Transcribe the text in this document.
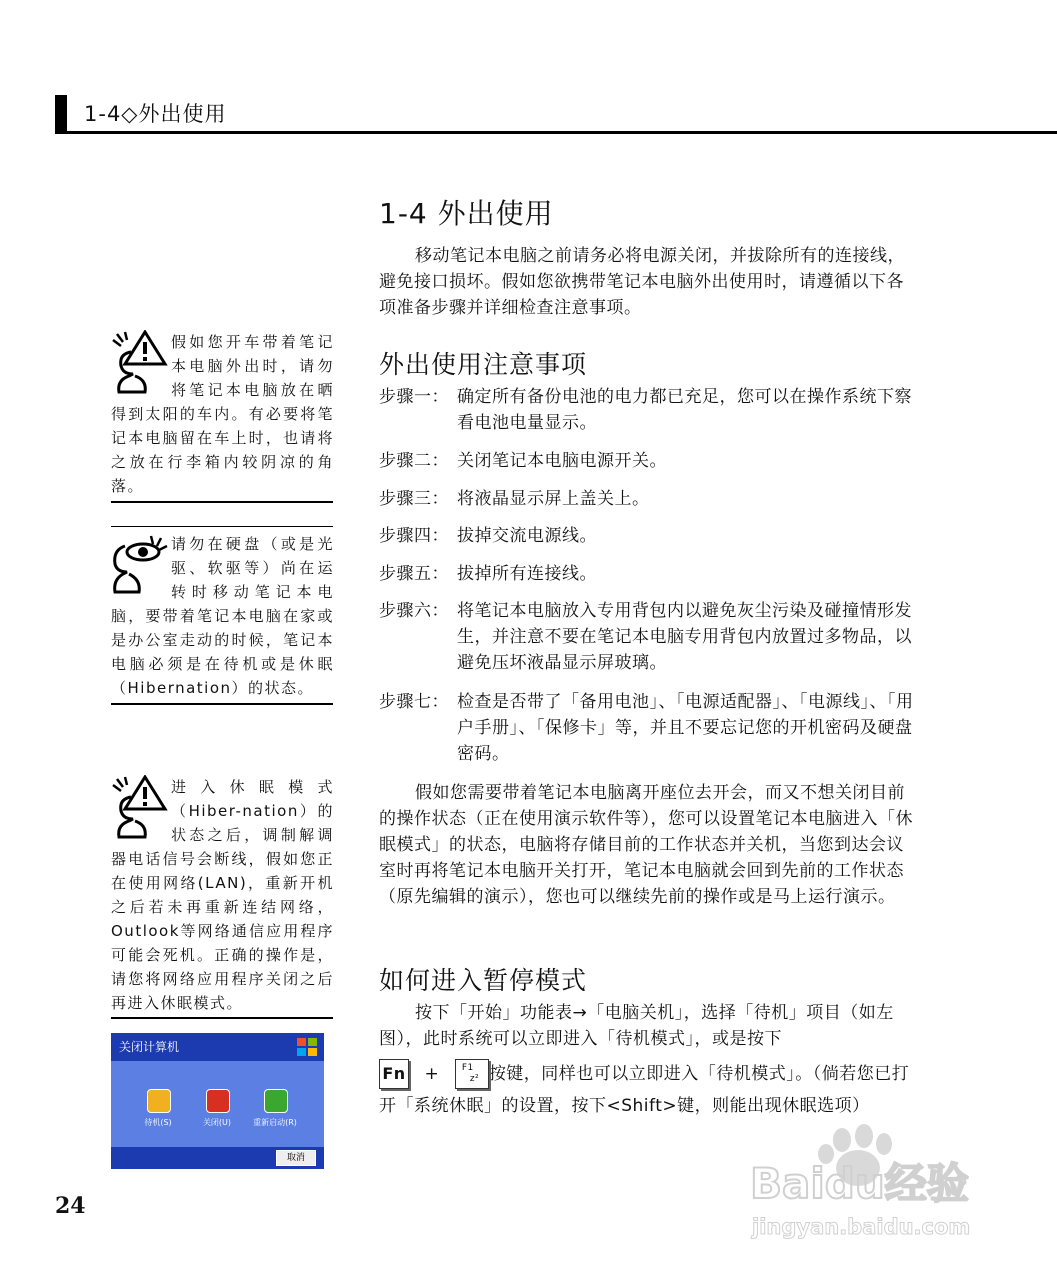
1-4◇外出使用
1-4 外出使用
移动笔记本电脑之前请务必将电源关闭，并拔除所有的连接线，避免接口损坏。假如您欲携带笔记本电脑外出使用时，请遵循以下各项准备步骤并详细检查注意事项。
外出使用注意事项
步骤一： 确定所有备份电池的电力都已充足，您可以在操作系统下察看电池电量显示。
步骤二： 关闭笔记本电脑电源开关。
步骤三： 将液晶显示屏上盖关上。
步骤四： 拔掉交流电源线。
步骤五： 拔掉所有连接线。
步骤六： 将笔记本电脑放入专用背包内以避免灰尘污染及碰撞情形发生，并注意不要在笔记本电脑专用背包内放置过多物品，以避免压坏液晶显示屏玻璃。
步骤七： 检查是否带了「备用电池」、「电源适配器」、「电源线」、「用户手册」、「保修卡」等，并且不要忘记您的开机密码及硬盘密码。
假如您需要带着笔记本电脑离开座位去开会，而又不想关闭目前的操作状态（正在使用演示软件等），您可以设置笔记本电脑进入「休眠模式」的状态，电脑将存储目前的工作状态并关机，当您到达会议室时再将笔记本电脑开关打开，笔记本电脑就会回到先前的工作状态（原先编辑的演示），您也可以继续先前的操作或是马上运行演示。
如何进入暂停模式
按下「开始」功能表→「电脑关机」，选择「待机」项目（如左图），此时系统可以立即进入「待机模式」，或是按下
Fn +	F1
z² 按键，同样也可以立即进入「待机模式」。（倘若您已打开「系统休眠」的设置，按下<Shift>键，则能出现休眠选项）
假如您开车带着笔记本电脑外出时，请勿将笔记本电脑放在晒得到太阳的车内。有必要将笔记本电脑留在车上时，也请将之放在行李箱内较阴凉的角落。
请勿在硬盘（或是光驱、软驱等）尚在运转时移动笔记本电脑，要带着笔记本电脑在家或是办公室走动的时候，笔记本电脑必须是在待机或是休眠（Hibernation）的状态。
进入休眠模式（Hiber-nation）的状态之后，调制解调器电话信号会断线，假如您正在使用网络(LAN)，重新开机之后若未再重新连结网络，Outlook等网络通信应用程序可能会死机。正确的操作是，请您将网络应用程序关闭之后再进入休眠模式。
关闭计算机
待机(S)	关闭(U)	重新启动(R)
取消
24	Baidu经验
jingyan.baidu.com
